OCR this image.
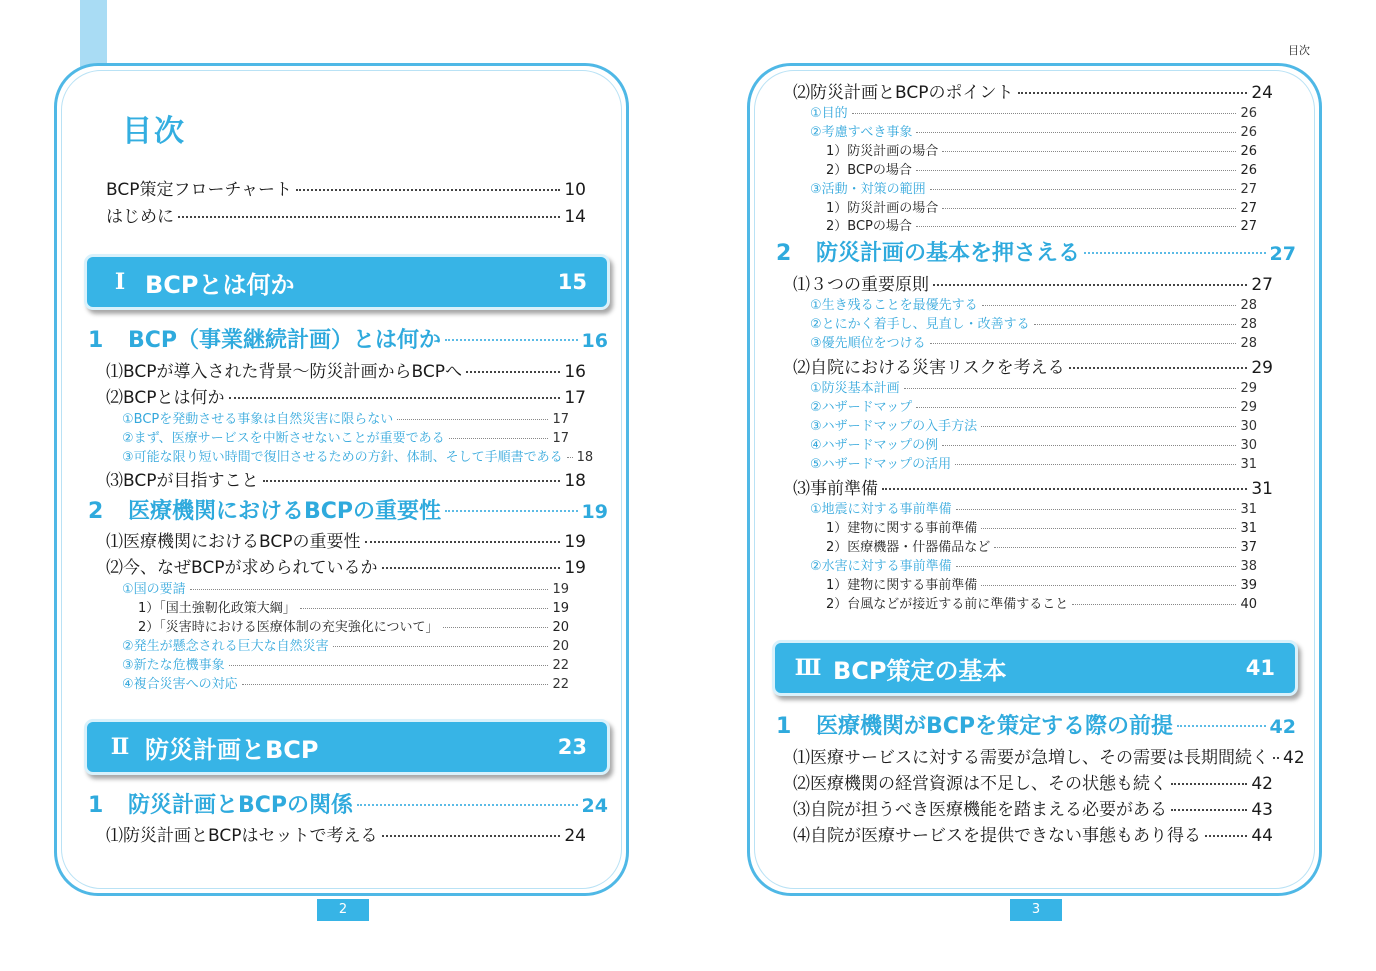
目次
目次
BCP策定フローチャート	10
はじめに	14
Ⅰ BCPとは何か	15
1	BCP（事業継続計画）とは何か	16
⑴BCPが導入された背景～防災計画からBCPへ	16
⑵BCPとは何か	17
①BCPを発動させる事象は自然災害に限らない	17
②まず、医療サービスを中断させないことが重要である	17
③可能な限り短い時間で復旧させるための方針、体制、そして手順書である 18
⑶BCPが目指すこと	18
2	医療機関におけるBCPの重要性	19
⑴医療機関におけるBCPの重要性	19
⑵今、なぜBCPが求められているか	19
①国の要請	19
1）「国土強靭化政策大綱」	19
2）「災害時における医療体制の充実強化について」	20
②発生が懸念される巨大な自然災害	20
③新たな危機事象	22
④複合災害への対応	22
Ⅱ 防災計画とBCP	23
1	防災計画とBCPの関係	24
⑴防災計画とBCPはセットで考える	24
2
⑵防災計画とBCPのポイント	24
①目的	26
②考慮すべき事象	26
1）防災計画の場合	26
2）BCPの場合	26
③活動・対策の範囲	27
1）防災計画の場合	27
2）BCPの場合	27
2	防災計画の基本を押さえる	27
⑴３つの重要原則	27
①生き残ることを最優先する	28
②とにかく着手し、見直し・改善する	28
③優先順位をつける	28
⑵自院における災害リスクを考える	29
①防災基本計画	29
②ハザードマップ	29
③ハザードマップの入手方法	30
④ハザードマップの例	30
⑤ハザードマップの活用	31
⑶事前準備	31
①地震に対する事前準備	31
1）建物に関する事前準備	31
2）医療機器・什器備品など	37
②水害に対する事前準備	38
1）建物に関する事前準備	39
2）台風などが接近する前に準備すること	40
Ⅲ BCP策定の基本	41
1	医療機関がBCPを策定する際の前提	42
⑴医療サービスに対する需要が急増し、その需要は長期間続く 42
⑵医療機関の経営資源は不足し、その状態も続く	42
⑶自院が担うべき医療機能を踏まえる必要がある	43
⑷自院が医療サービスを提供できない事態もあり得る	44
3
